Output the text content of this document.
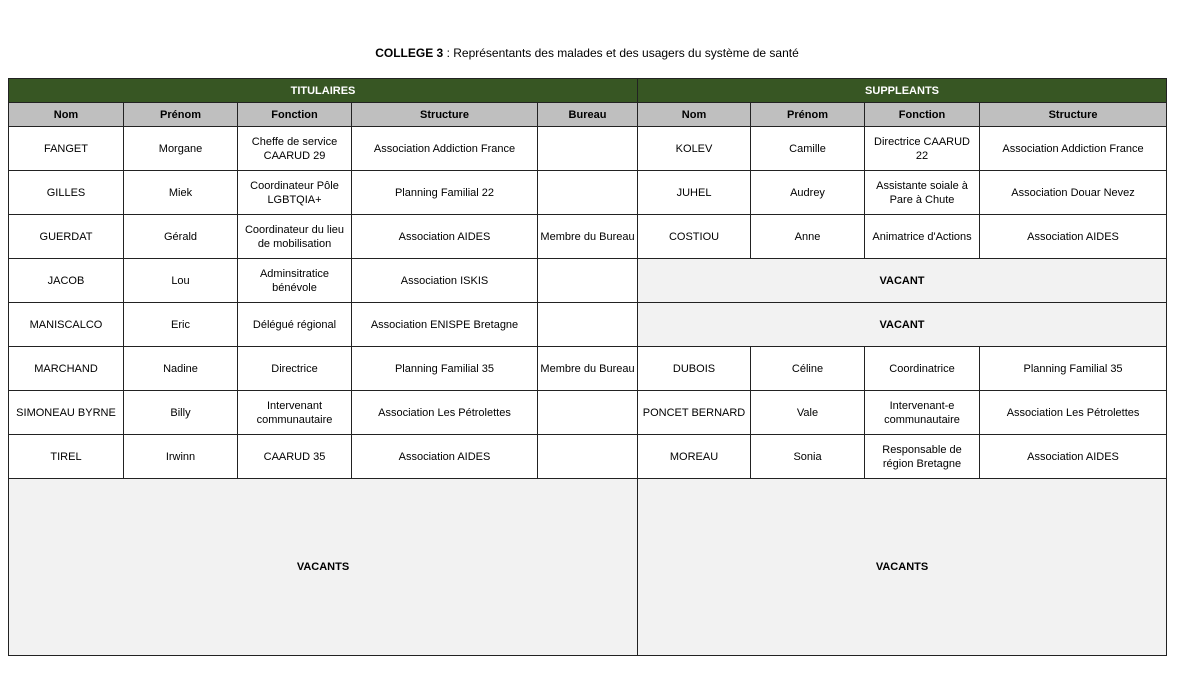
COLLEGE 3 : Représentants des malades et des usagers du système de santé
TITULAIRES					SUPPLEANTS			
Nom	Prénom	Fonction	Structure	Bureau	Nom	Prénom	Fonction	Structure
FANGET	Morgane	Cheffe de service CAARUD 29	Association Addiction France		KOLEV	Camille	Directrice CAARUD 22	Association Addiction France
GILLES	Miek	Coordinateur Pôle LGBTQIA+	Planning Familial 22		JUHEL	Audrey	Assistante soiale à Pare à Chute	Association Douar Nevez
GUERDAT	Gérald	Coordinateur du lieu de mobilisation	Association AIDES	Membre du Bureau	COSTIOU	Anne	Animatrice d'Actions	Association AIDES
JACOB	Lou	Adminsitratice bénévole	Association ISKIS		VACANT			
MANISCALCO	Eric	Délégué régional	Association ENISPE Bretagne		VACANT			
MARCHAND	Nadine	Directrice	Planning Familial 35	Membre du Bureau	DUBOIS	Céline	Coordinatrice	Planning Familial 35
SIMONEAU BYRNE	Billy	Intervenant communautaire	Association Les Pétrolettes		PONCET BERNARD	Vale	Intervenant-e communautaire	Association Les Pétrolettes
TIREL	Irwinn	CAARUD 35	Association AIDES		MOREAU	Sonia	Responsable de région Bretagne	Association AIDES
VACANTS					VACANTS			
